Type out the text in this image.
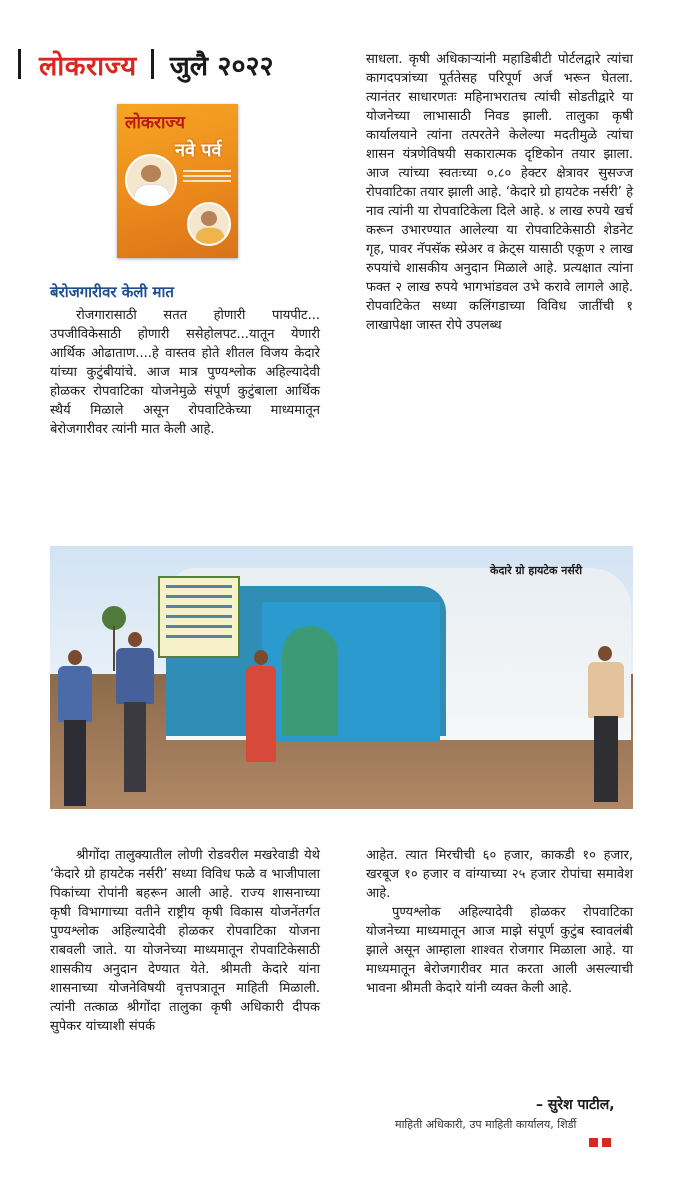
लोकराज्य जुलै २०२२
लोकराज्य
नवे पर्व
बेरोजगारीवर केली मात

रोजगारासाठी सतत होणारी पायपीट... उपजीविकेसाठी होणारी ससेहोलपट...यातून येणारी आर्थिक ओढाताण....हे वास्तव होते शीतल विजय केदारे यांच्या कुटुंबीयांचे. आज मात्र पुण्यश्लोक अहिल्यादेवी होळकर रोपवाटिका योजनेमुळे संपूर्ण कुटुंबाला आर्थिक स्थैर्य मिळाले असून रोपवाटिकेच्या माध्यमातून बेरोजगारीवर त्यांनी मात केली आहे.

साधला. कृषी अधिकाऱ्यांनी महाडिबीटी पोर्टलद्वारे त्यांचा कागदपत्रांच्या पूर्ततेसह परिपूर्ण अर्ज भरून घेतला. त्यानंतर साधारणतः महिनाभरातच त्यांची सोडतीद्वारे या योजनेच्या लाभासाठी निवड झाली. तालुका कृषी कार्यालयाने त्यांना तत्परतेने केलेल्या मदतीमुळे त्यांचा शासन यंत्रणेविषयी सकारात्मक दृष्टिकोन तयार झाला. आज त्यांच्या स्वतःच्या ०.८० हेक्टर क्षेत्रावर सुसज्ज रोपवाटिका तयार झाली आहे. ‘केदारे ग्रो हायटेक नर्सरी’ हे नाव त्यांनी या रोपवाटिकेला दिले आहे. ४ लाख रुपये खर्च करून उभारण्यात आलेल्या या रोपवाटिकेसाठी शेडनेट गृह, पावर नॅपसॅक स्प्रेअर व क्रेट्स यासाठी एकूण २ लाख रुपयांचे शासकीय अनुदान मिळाले आहे. प्रत्यक्षात त्यांना फक्त २ लाख रुपये भागभांडवल उभे करावे लागले आहे. रोपवाटिकेत सध्या कलिंगडाच्या विविध जातींची १ लाखापेक्षा जास्त रोपे उपलब्ध

केदारे ग्रो हायटेक नर्सरी

श्रीगोंदा तालुक्यातील लोणी रोडवरील मखरेवाडी येथे ‘केदारे ग्रो हायटेक नर्सरी’ सध्या विविध फळे व भाजीपाला पिकांच्या रोपांनी बहरून आली आहे. राज्य शासनाच्या कृषी विभागाच्या वतीने राष्ट्रीय कृषी विकास योजनेंतर्गत पुण्यश्लोक अहिल्यादेवी होळकर रोपवाटिका योजना राबवली जाते. या योजनेच्या माध्यमातून रोपवाटिकेसाठी शासकीय अनुदान देण्यात येते. श्रीमती केदारे यांना शासनाच्या योजनेविषयी वृत्तपत्रातून माहिती मिळाली. त्यांनी तत्काळ श्रीगोंदा तालुका कृषी अधिकारी दीपक सुपेकर यांच्याशी संपर्क

आहेत. त्यात मिरचीची ६० हजार, काकडी १० हजार, खरबूज १० हजार व वांग्याच्या २५ हजार रोपांचा समावेश आहे.

पुण्यश्लोक अहिल्यादेवी होळकर रोपवाटिका योजनेच्या माध्यमातून आज माझे संपूर्ण कुटुंब स्वावलंबी झाले असून आम्हाला शाश्वत रोजगार मिळाला आहे. या माध्यमातून बेरोजगारीवर मात करता आली असल्याची भावना श्रीमती केदारे यांनी व्यक्त केली आहे.

– सुरेश पाटील,
माहिती अधिकारी, उप माहिती कार्यालय, शिर्डी
